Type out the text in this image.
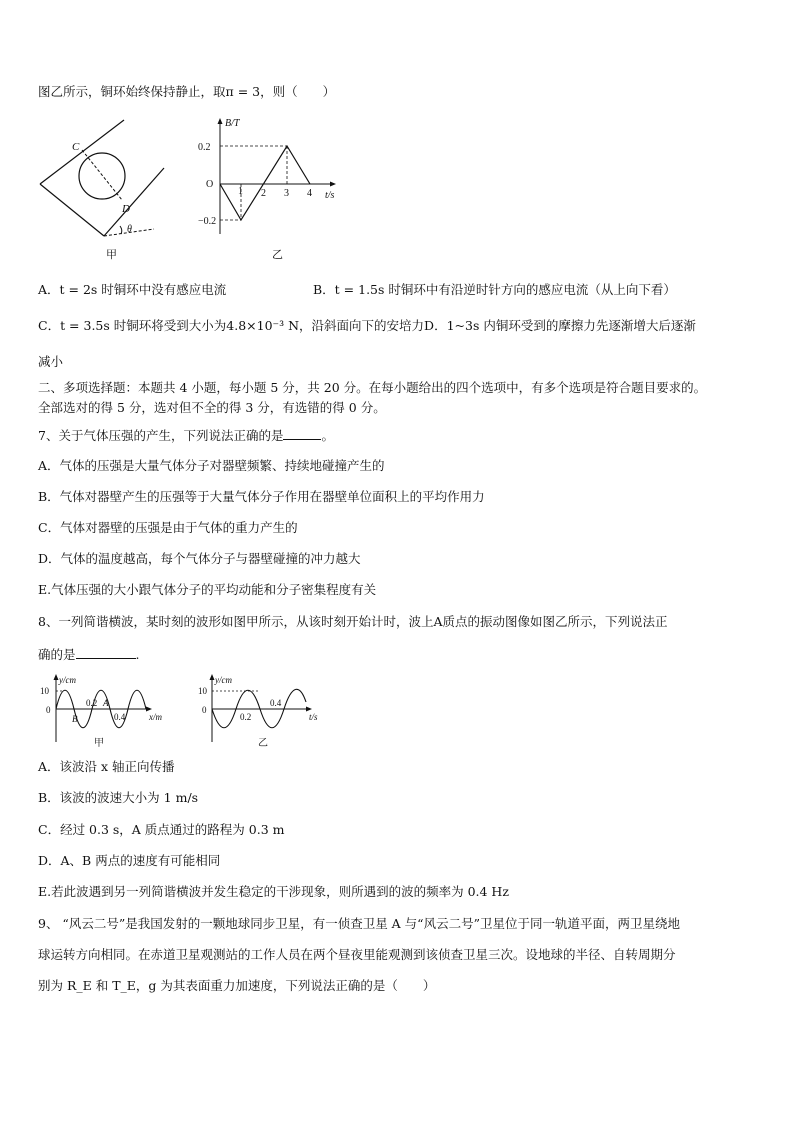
图乙所示，铜环始终保持静止，取π = 3，则（　　）
C
D
θ
甲
B/T
0.2
−0.2
O
1 2 3 4 t/s
乙
A．t = 2s 时铜环中没有感应电流	B．t = 1.5s 时铜环中有沿逆时针方向的感应电流（从上向下看）
C．t = 3.5s 时铜环将受到大小为4.8×10⁻³ N，沿斜面向下的安培力D．1~3s 内铜环受到的摩擦力先逐渐增大后逐渐
减小
二、多项选择题：本题共 4 小题，每小题 5 分，共 20 分。在每小题给出的四个选项中，有多个选项是符合题目要求的。
全部选对的得 5 分，选对但不全的得 3 分，有选错的得 0 分。
7、关于气体压强的产生，下列说法正确的是	。
A．气体的压强是大量气体分子对器壁频繁、持续地碰撞产生的
B．气体对器壁产生的压强等于大量气体分子作用在器壁单位面积上的平均作用力
C．气体对器壁的压强是由于气体的重力产生的
D．气体的温度越高，每个气体分子与器壁碰撞的冲力越大
E.气体压强的大小跟气体分子的平均动能和分子密集程度有关
8、一列简谐横波，某时刻的波形如图甲所示，从该时刻开始计时，波上A质点的振动图像如图乙所示，下列说法正
确的是	.
y/cm
10
0
B
0.2 A
0.4	x/m
甲
y/cm
10
0
0.2
0.4
t/s
乙
A．该波沿 x 轴正向传播
B．该波的波速大小为 1 m/s
C．经过 0.3 s，A 质点通过的路程为 0.3 m
D．A、B 两点的速度有可能相同
E.若此波遇到另一列简谐横波并发生稳定的干涉现象，则所遇到的波的频率为 0.4 Hz
9、 “风云二号”是我国发射的一颗地球同步卫星，有一侦查卫星 A 与“风云二号”卫星位于同一轨道平面，两卫星绕地
球运转方向相同。在赤道卫星观测站的工作人员在两个昼夜里能观测到该侦查卫星三次。设地球的半径、自转周期分
别为 R_E 和 T_E，g 为其表面重力加速度，下列说法正确的是（　　）
